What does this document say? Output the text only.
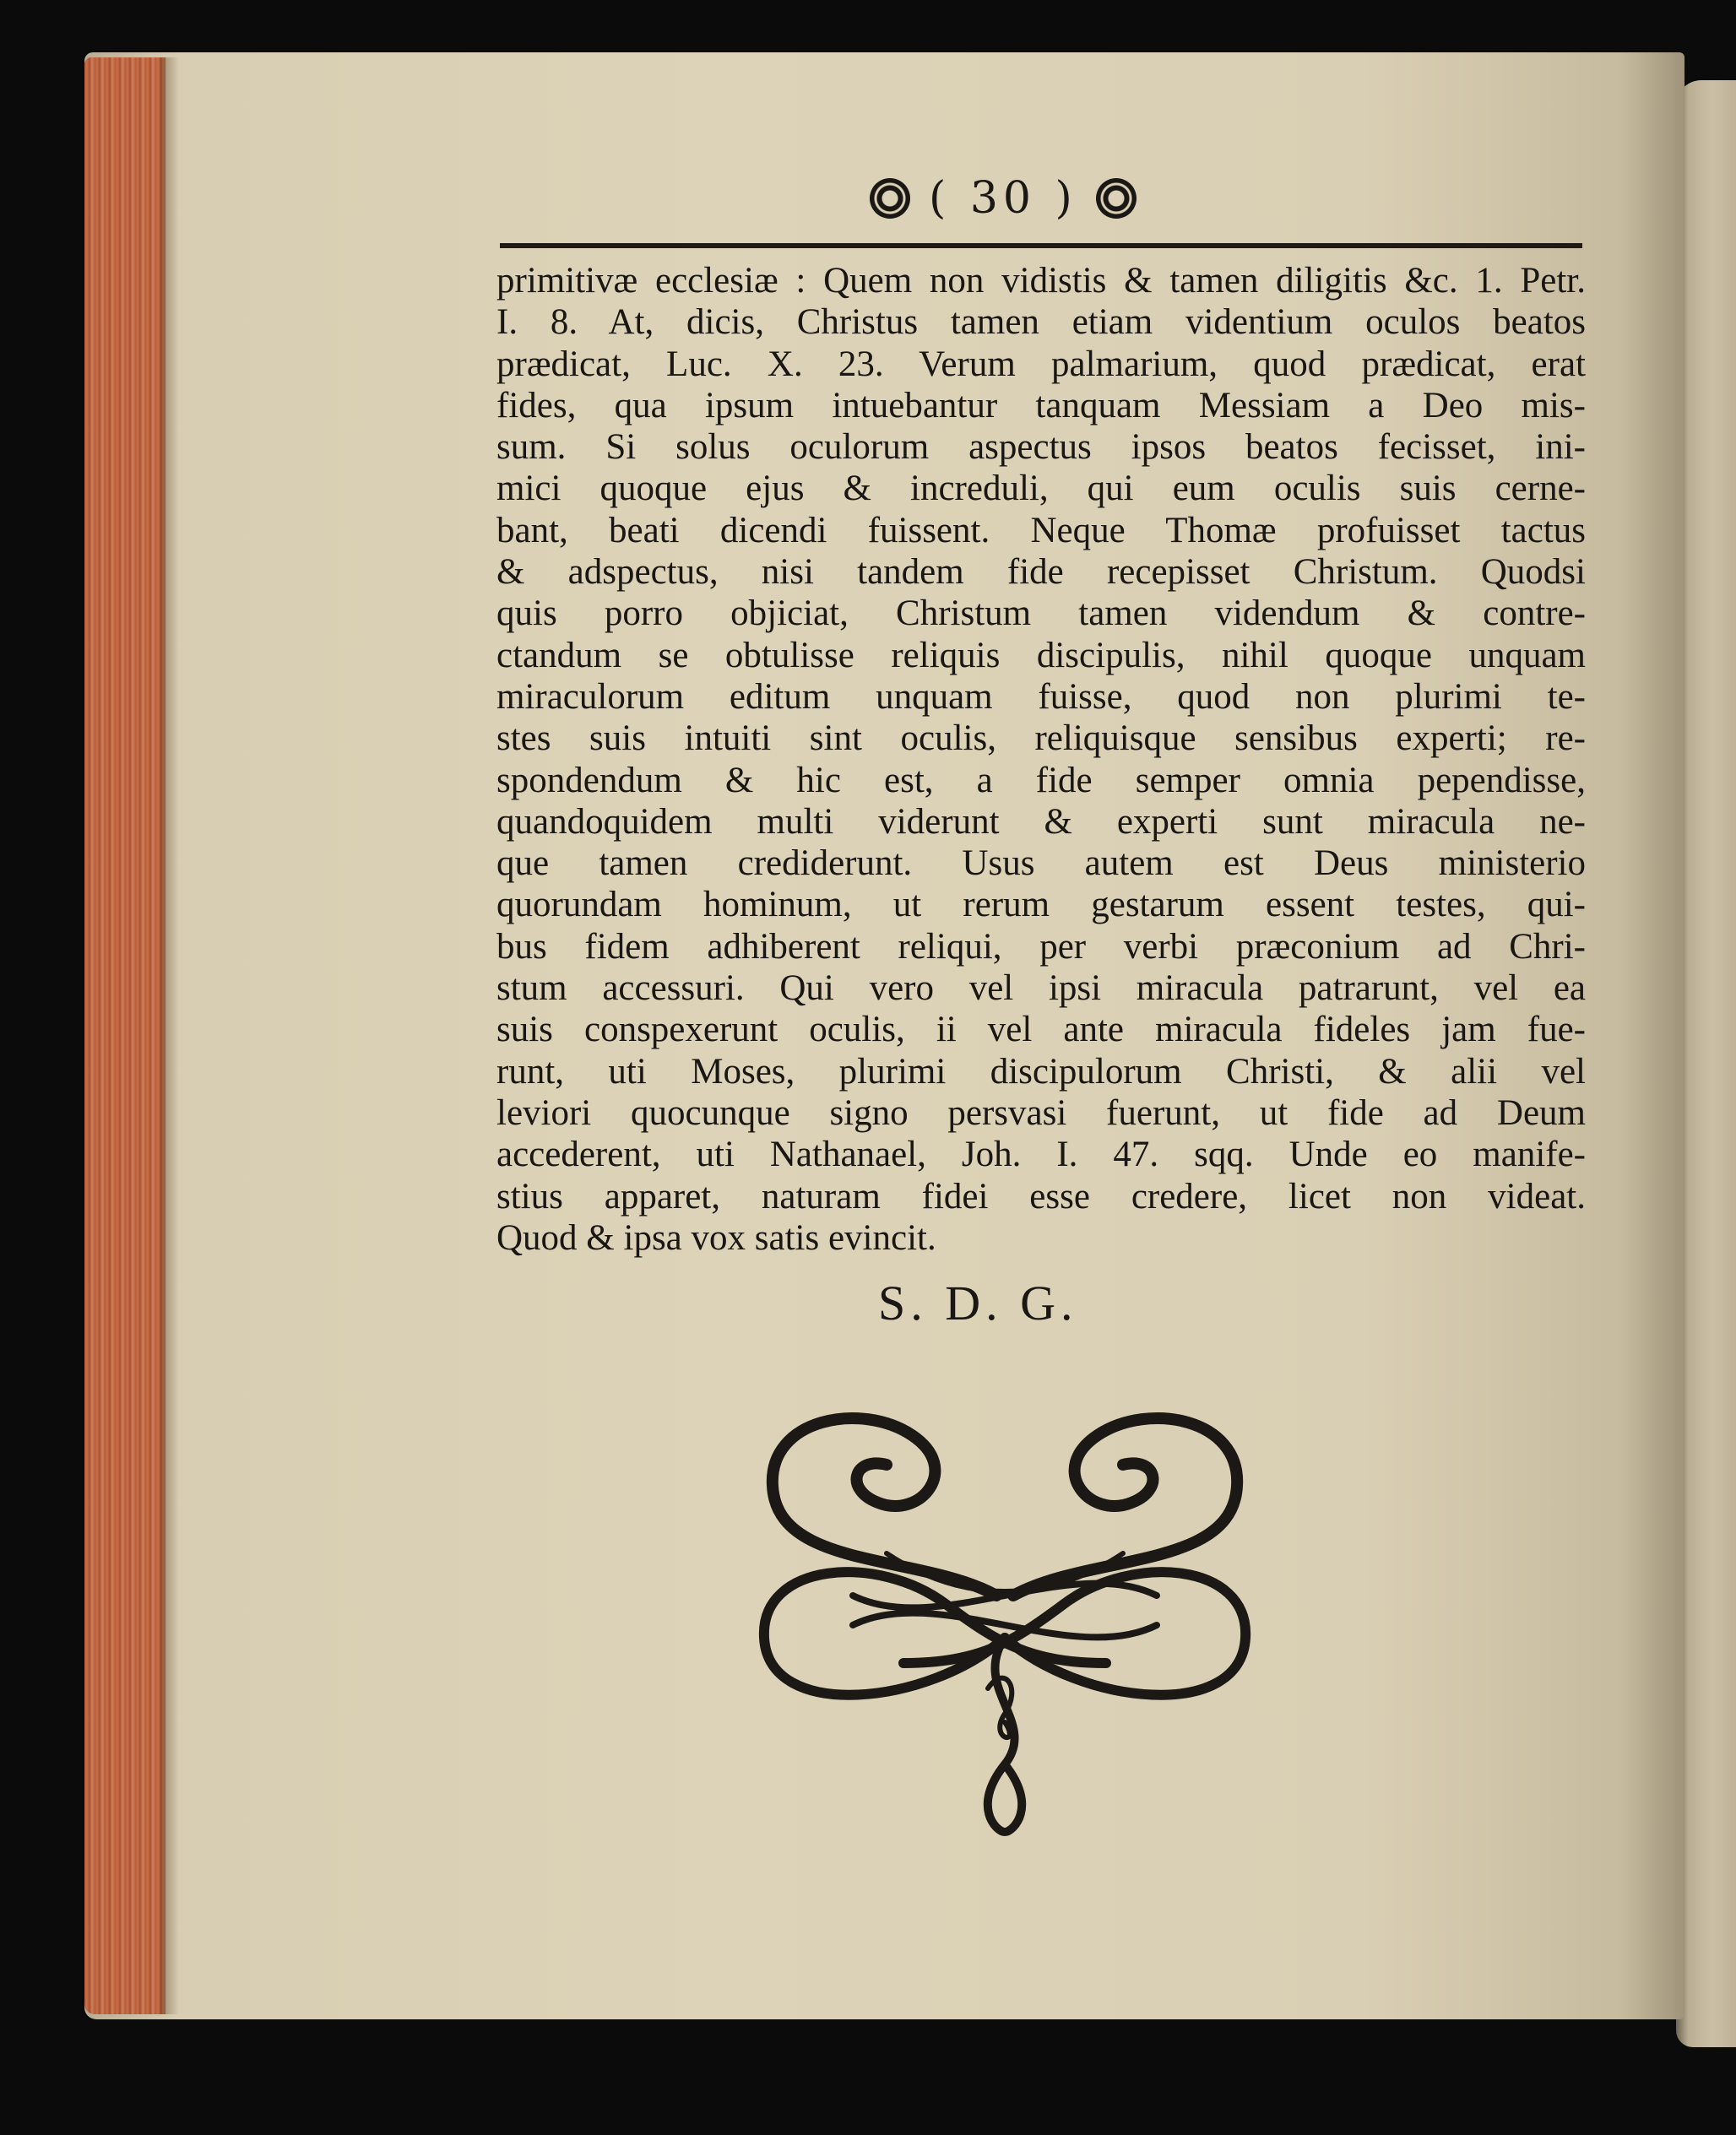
( 30 )
primitivæ ecclesiæ : Quem non vidistis & tamen diligitis &c. 1. Petr.
I. 8. At, dicis, Christus tamen etiam videntium oculos beatos
prædicat, Luc. X. 23. Verum palmarium, quod prædicat, erat
fides, qua ipsum intuebantur tanquam Messiam a Deo mis-
sum. Si solus oculorum aspectus ipsos beatos fecisset, ini-
mici quoque ejus & increduli, qui eum oculis suis cerne-
bant, beati dicendi fuissent. Neque Thomæ profuisset tactus
& adspectus, nisi tandem fide recepisset Christum. Quodsi
quis porro objiciat, Christum tamen videndum & contre-
ctandum se obtulisse reliquis discipulis, nihil quoque unquam
miraculorum editum unquam fuisse, quod non plurimi te-
stes suis intuiti sint oculis, reliquisque sensibus experti; re-
spondendum & hic est, a fide semper omnia pependisse,
quandoquidem multi viderunt & experti sunt miracula ne-
que tamen crediderunt. Usus autem est Deus ministerio
quorundam hominum, ut rerum gestarum essent testes, qui-
bus fidem adhiberent reliqui, per verbi præconium ad Chri-
stum accessuri. Qui vero vel ipsi miracula patrarunt, vel ea
suis conspexerunt oculis, ii vel ante miracula fideles jam fue-
runt, uti Moses, plurimi discipulorum Christi, & alii vel
leviori quocunque signo persvasi fuerunt, ut fide ad Deum
accederent, uti Nathanael, Joh. I. 47. sqq. Unde eo manife-
stius apparet, naturam fidei esse credere, licet non videat.
Quod & ipsa vox satis evincit.
S. D. G.
